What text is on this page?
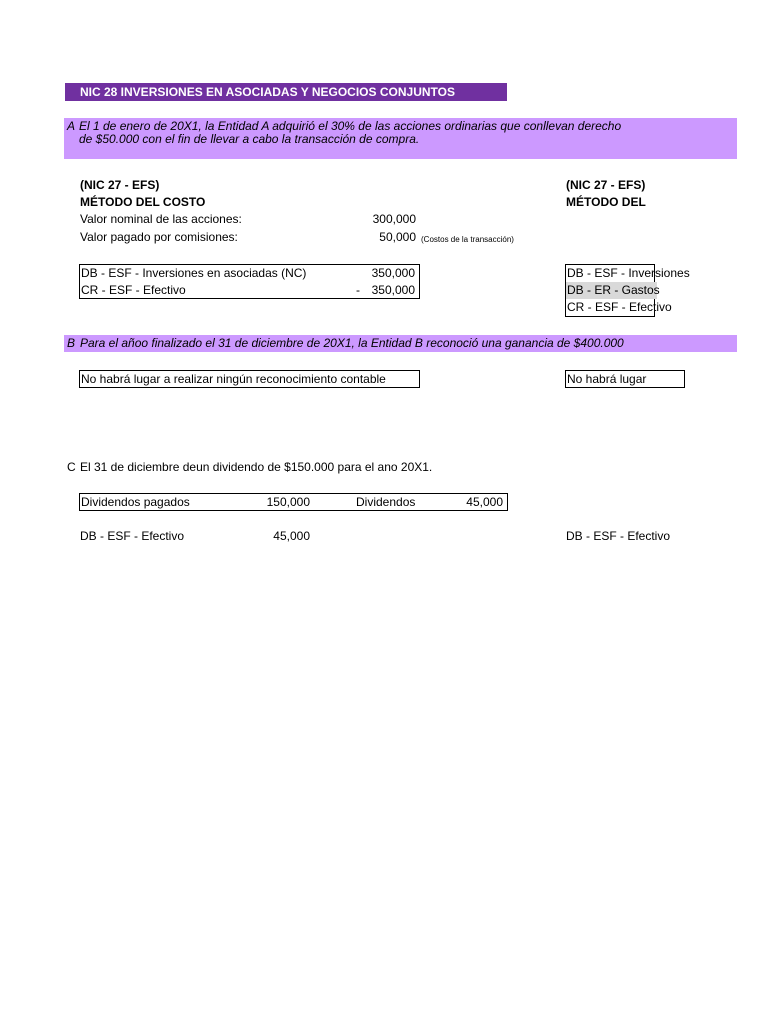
NIC 28 INVERSIONES EN ASOCIADAS Y NEGOCIOS CONJUNTOS
A El 1 de enero de 20X1, la Entidad A adquirió el 30% de las acciones ordinarias que conllevan derecho
de $50.000 con el fin de llevar a cabo la transacción de compra.
(NIC 27 - EFS)
MÉTODO DEL COSTO
Valor nominal de las acciones:	300,000
Valor pagado por comisiones:	50,000 (Costos de la transacción)
DB - ESF - Inversiones en asociadas (NC)	350,000
CR - ESF - Efectivo	- 350,000
(NIC 27 - EFS)
MÉTODO DEL
DB - ESF - Inversiones
DB - ER - Gastos
CR - ESF - Efectivo
B Para el añoo finalizado el 31 de diciembre de 20X1, la Entidad B reconoció una ganancia de $400.000
No habrá lugar a realizar ningún reconocimiento contable	No habrá lugar
C El 31 de diciembre deun dividendo de $150.000 para el ano 20X1.
Dividendos pagados	150,000	Dividendos	45,000
DB - ESF - Efectivo	45,000	DB - ESF - Efectivo
